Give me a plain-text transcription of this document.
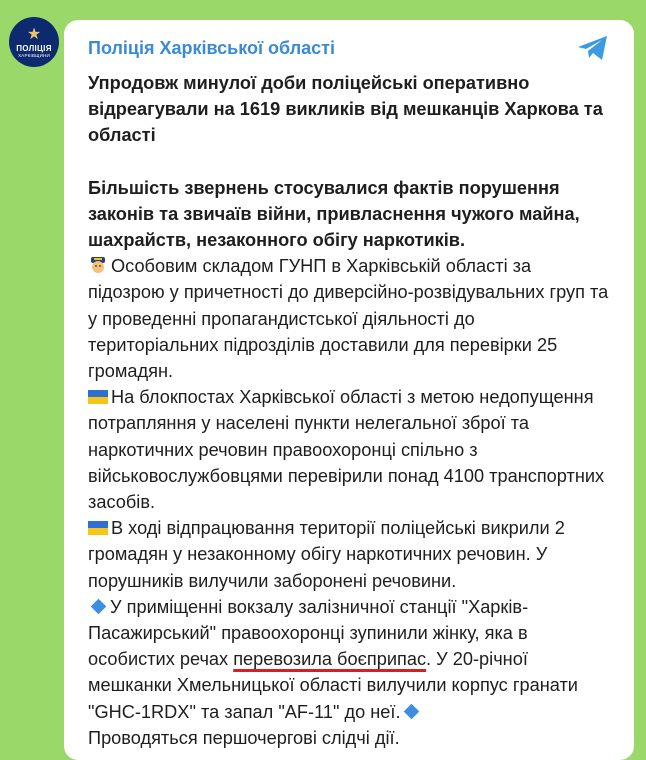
★
ПОЛІЦІЯ
ХАРКІВЩИНИ Поліція Харківської області

Упродовж минулої доби поліцейські оперативно відреагували на 1619 викликів від мешканців Харкова та області

Більшість звернень стосувалися фактів порушення законів та звичаїв війни, привласнення чужого майна, шахрайств, незаконного обігу наркотиків.

Особовим складом ГУНП в Харківській області за підозрою у причетності до диверсійно-розвідувальних груп та у проведенні пропагандистської діяльності до територіальних підрозділів доставили для перевірки 25 громадян.

На блокпостах Харківської області з метою недопущення потрапляння у населені пункти нелегальної зброї та наркотичних речовин правоохоронці спільно з військовослужбовцями перевірили понад 4100 транспортних засобів.

В ході відпрацювання території поліцейські викрили 2 громадян у незаконному обігу наркотичних речовин. У порушників вилучили заборонені речовини.

У приміщенні вокзалу залізничної станції "Харків-Пасажирський" правоохоронці зупинили жінку, яка в особистих речах перевозила боєприпас. У 20-річної мешканки Хмельницької області вилучили корпус гранати "GHC-1RDX" та запал "AF-11" до неї.

Проводяться першочергові слідчі дії.
